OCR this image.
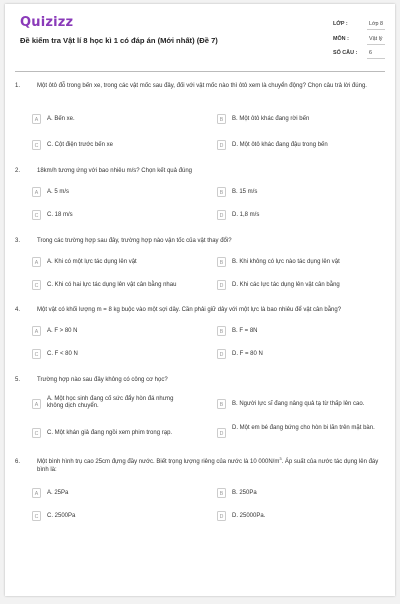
Quizizz
Đề kiểm tra Vật lí 8 học kì 1 có đáp án (Mới nhất) (Đề 7)
LỚP :	Lớp 8
MÔN :	Vật lý
SỐ CÂU : 6
1.	Một ôtô đỗ trong bến xe, trong các vật mốc sau đây, đối với vật mốc nào thì ôtô xem là chuyển động? Chọn câu trả lời đúng.
A	A. Bến xe.	B	B. Một ôtô khác đang rời bến
C	C. Cột điện trước bến xe	D	D. Một ôtô khác đang đậu trong bến
2.	18km/h tương ứng với bao nhiêu m/s? Chọn kết quả đúng
A	A. 5 m/s	B	B. 15 m/s
C	C. 18 m/s	D	D. 1,8 m/s
3.	Trong các trường hợp sau đây, trường hợp nào vận tốc của vật thay đổi?
A	A. Khi có một lực tác dụng lên vật	B	B. Khi không có lực nào tác dụng lên vật
C	C. Khi có hai lực tác dụng lên vật cân bằng nhau	D	D. Khi các lực tác dụng lên vật cân bằng
4.	Một vật có khối lượng m = 8 kg buộc vào một sợi dây. Cần phải giữ dây với một lực là bao nhiêu để vật cân bằng?
A	A. F > 80 N	B	B. F = 8N
C	C. F < 80 N	D	D. F = 80 N
5.	Trường hợp nào sau đây không có công cơ học?
A
A. Một học sinh đang cố sức đẩy hòn đá nhưng không dịch chuyển.	B	B. Người lực sĩ đang nâng quả tạ từ thấp lên cao.
C	C. Một khán giả đang ngồi xem phim trong rạp.	D
D. Một em bé đang bứng cho hòn bi lăn trên mặt bàn.
6.	Một bình hình trụ cao 25cm đựng đầy nước. Biết trọng lượng riêng của nước là 10 $000N/m^3$. Áp suất của nước tác dụng lên đáy bình là:
A	A. 25Pa	B	B. 250Pa
C	C. 2500Pa	D	D. 25000Pa.
